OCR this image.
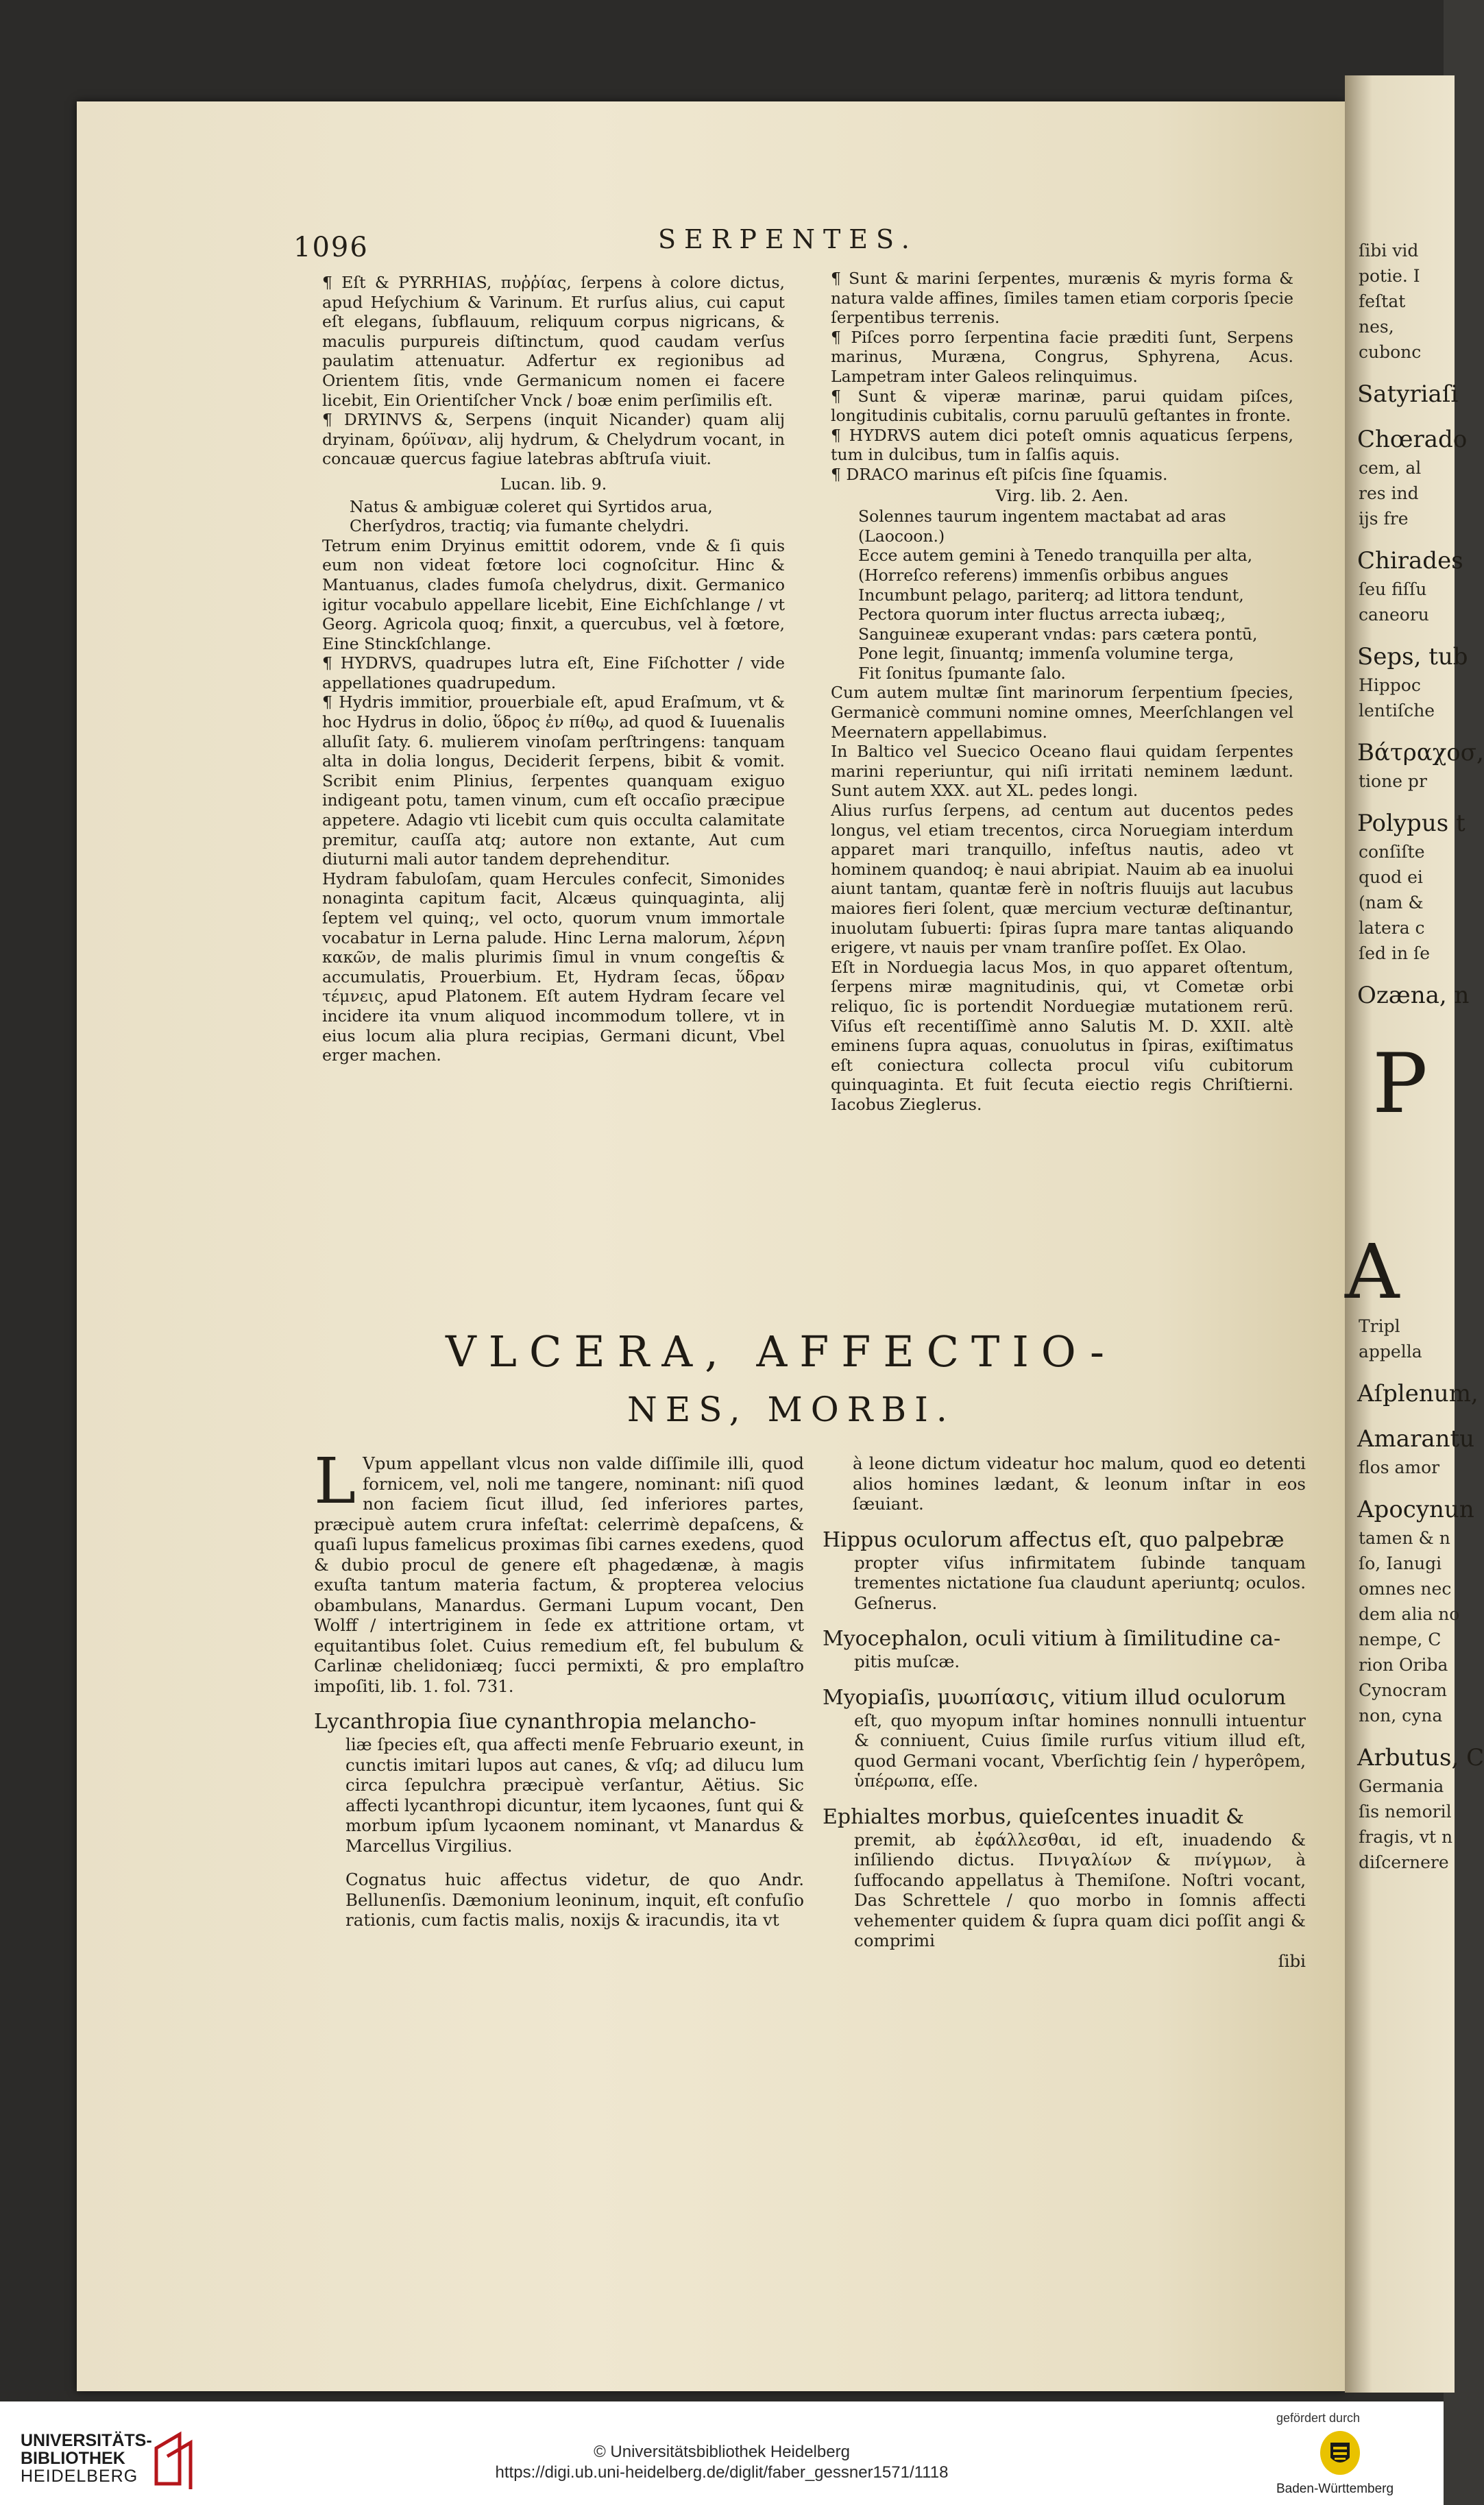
ſibi vid
potie. I
feſtat
nes,
cubonc
Satyriaſi
Chœrado
cem, al
res ind
ijs fre
Chirades
ſeu fiſſu
caneoru
Seps, tub
Hippoc
lentiſche
Βάτραχοσ,
tione pr
Polypus t
conſiſte
quod ei
(nam &
latera c
ſed in ſe
Ozæna, n
P
A
Tripl
appella
Aſplenum,
Amarantu
flos amor
Apocynun
tamen & n
ſo, Ianugi
omnes nec
dem alia no
nempe, C
rion Oriba
Cynocram
non, cyna
Arbutus, C
Germania
ſis nemoril
fragis, vt n
diſcernere
1096	SERPENTES.

¶ Eſt & PYRRHIAS, πυῤῥίας, ſerpens à colore dictus, apud Heſychium & Varinum. Et rurſus alius, cui caput eſt elegans, ſubflauum, reliquum corpus nigricans, & maculis purpureis diſtinctum, quod caudam verſus paulatim attenuatur. Adfertur ex regionibus ad Orientem ſitis, vnde Germanicum nomen ei facere licebit, Ein Orientiſcher Vnck / boæ enim perſimilis eſt.

¶ DRYINVS &, Serpens (inquit Nicander) quam alij dryinam, δρύϊναν, alij hydrum, & Chelydrum vocant, in concauæ quercus fagiue latebras abſtruſa viuit.

Lucan. lib. 9.

Natus & ambiguæ coleret qui Syrtidos arua,

Cherſydros, tractiq; via fumante chelydri.

Tetrum enim Dryinus emittit odorem, vnde & ſi quis eum non videat fœtore loci cognoſcitur. Hinc & Mantuanus, clades fumoſa chelydrus, dixit. Germanico igitur vocabulo appellare licebit, Eine Eichſchlange / vt Georg. Agricola quoq; finxit, a quercubus, vel à fœtore, Eine Stinckſchlange.

¶ HYDRVS, quadrupes lutra eſt, Eine Fiſchotter / vide appellationes quadrupedum.

¶ Hydris immitior, prouerbiale eſt, apud Eraſmum, vt & hoc Hydrus in dolio, ὕδρος ἐν πίθῳ, ad quod & Iuuenalis alluſit ſaty. 6. mulierem vinoſam perſtringens: tanquam alta in dolia longus, Deciderit ſerpens, bibit & vomit. Scribit enim Plinius, ſerpentes quanquam exiguo indigeant potu, tamen vinum, cum eſt occaſio præcipue appetere. Adagio vti licebit cum quis occulta calamitate premitur, cauſſa atq; autore non extante, Aut cum diuturni mali autor tandem deprehenditur.

Hydram fabuloſam, quam Hercules confecit, Simonides nonaginta capitum facit, Alcæus quinquaginta, alij ſeptem vel quinq;, vel octo, quorum vnum immortale vocabatur in Lerna palude. Hinc Lerna malorum, λέρνη κακῶν, de malis plurimis ſimul in vnum congeſtis & accumulatis, Prouerbium. Et, Hydram ſecas, ὕδραν τέμνεις, apud Platonem. Eſt autem Hydram ſecare vel incidere ita vnum aliquod incommodum tollere, vt in eius locum alia plura recipias, Germani dicunt, Vbel erger machen.

¶ Sunt & marini ſerpentes, murænis & myris forma & natura valde affines, ſimiles tamen etiam corporis ſpecie ſerpentibus terrenis.

¶ Piſces porro ſerpentina facie præditi ſunt, Serpens marinus, Muræna, Congrus, Sphyrena, Acus. Lampetram inter Galeos relinquimus.

¶ Sunt & viperæ marinæ, parui quidam piſces, longitudinis cubitalis, cornu paruulū geſtantes in fronte.

¶ HYDRVS autem dici poteſt omnis aquaticus ſerpens, tum in dulcibus, tum in ſalſis aquis.

¶ DRACO marinus eſt piſcis ſine ſquamis.

Virg. lib. 2. Aen.

Solennes taurum ingentem mactabat ad aras

(Laocoon.)

Ecce autem gemini à Tenedo tranquilla per alta,

(Horreſco referens) immenſis orbibus angues

Incumbunt pelago, pariterq; ad littora tendunt,

Pectora quorum inter fluctus arrecta iubæq;,

Sanguineæ exuperant vndas: pars cætera pontū,

Pone legit, ſinuantq; immenſa volumine terga,

Fit ſonitus ſpumante ſalo.

Cum autem multæ ſint marinorum ſerpentium ſpecies, Germanicè communi nomine omnes, Meerſchlangen vel Meernatern appellabimus.

In Baltico vel Suecico Oceano flaui quidam ſerpentes marini reperiuntur, qui niſi irritati neminem lædunt. Sunt autem XXX. aut XL. pedes longi.

Alius rurſus ſerpens, ad centum aut ducentos pedes longus, vel etiam trecentos, circa Noruegiam interdum apparet mari tranquillo, infeſtus nautis, adeo vt hominem quandoq; è naui abripiat. Nauim ab ea inuolui aiunt tantam, quantæ ferè in noſtris fluuijs aut lacubus maiores fieri ſolent, quæ mercium vecturæ deſtinantur, inuolutam ſubuerti: ſpiras ſupra mare tantas aliquando erigere, vt nauis per vnam tranſire poſſet. Ex Olao.

Eſt in Norduegia lacus Mos, in quo apparet oſtentum, ſerpens miræ magnitudinis, qui, vt Cometæ orbi reliquo, ſic is portendit Norduegiæ mutationem rerū. Viſus eſt recentiſſimè anno Salutis M. D. XXII. altè eminens ſupra aquas, conuolutus in ſpiras, exiſtimatus eſt coniectura collecta procul viſu cubitorum quinquaginta. Et fuit ſecuta eiectio regis Chriſtierni. Iacobus Zieglerus.

VLCERA, AFFECTIO-
NES, MORBI.

L Vpum appellant vlcus non valde diſſimile illi, quod fornicem, vel, noli me tangere, nominant: niſi quod non faciem ſicut illud, ſed inferiores partes, præcipuè autem crura infeſtat: celerrimè depaſcens, & quaſi lupus famelicus proximas ſibi carnes exedens, quod & dubio procul de genere eſt phagedænæ, à magis exuſta tantum materia factum, & propterea velocius obambulans, Manardus. Germani Lupum vocant, Den Wolff / intertriginem in ſede ex attritione ortam, vt equitantibus ſolet. Cuius remedium eſt, fel bubulum & Carlinæ chelidoniæq; ſucci permixti, & pro emplaſtro impoſiti, lib. 1. fol. 731.

Lycanthropia ſiue cynanthropia melancho-

liæ ſpecies eſt, qua affecti menſe Februario exeunt, in cunctis imitari lupos aut canes, & vſq; ad dilucu lum circa ſepulchra præcipuè verſantur, Aëtius. Sic affecti lycanthropi dicuntur, item lycaones, ſunt qui & morbum ipſum lycaonem nominant, vt Manardus & Marcellus Virgilius.

Cognatus huic affectus videtur, de quo Andr. Bellunenſis. Dæmonium leoninum, inquit, eſt confuſio rationis, cum factis malis, noxijs & iracundis, ita vt

à leone dictum videatur hoc malum, quod eo detenti alios homines lædant, & leonum inſtar in eos ſæuiant.

Hippus oculorum affectus eſt, quo palpebræ

propter viſus infirmitatem ſubinde tanquam trementes nictatione ſua claudunt aperiuntq; oculos. Geſnerus.

Myocephalon, oculi vitium à ſimilitudine ca-

pitis muſcæ.

Myopiaſis, μυωπίασις, vitium illud oculorum

eſt, quo myopum inſtar homines nonnulli intuentur & conniuent, Cuius ſimile rurſus vitium illud eſt, quod Germani vocant, Vberſichtig ſein / hyperôpem, ὑπέρωπα, eſſe.

Ephialtes morbus, quieſcentes inuadit &

premit, ab ἐφάλλεσθαι, id eſt, inuadendo & inſiliendo dictus. Πνιγαλίων & πνίγμων, à ſuffocando appellatus à Themiſone. Noſtri vocant, Das Schrettele / quo morbo in ſomnis affecti vehementer quidem & ſupra quam dici poſſit angi & comprimi

ſibi

UNIVERSITÄTS-
BIBLIOTHEK
HEIDELBERG
© Universitätsbibliothek Heidelberg
https://digi.ub.uni-heidelberg.de/diglit/faber_gessner1571/1118
gefördert durch
Baden-Württemberg
